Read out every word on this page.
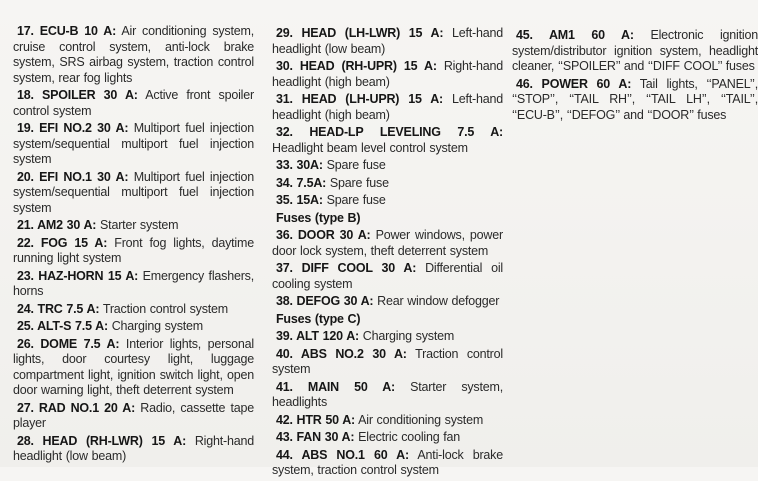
17. ECU-B 10 A: Air conditioning system, cruise control system, anti-lock brake system, SRS airbag system, traction control system, rear fog lights

18. SPOILER 30 A: Active front spoiler control system

19. EFI NO.2 30 A: Multiport fuel injection system/sequential multiport fuel injection system

20. EFI NO.1 30 A: Multiport fuel injection system/sequential multiport fuel injection system

21. AM2 30 A: Starter system

22. FOG 15 A: Front fog lights, daytime running light system

23. HAZ-HORN 15 A: Emergency flashers, horns

24. TRC 7.5 A: Traction control system

25. ALT-S 7.5 A: Charging system

26. DOME 7.5 A: Interior lights, personal lights, door courtesy light, luggage compartment light, ignition switch light, open door warning light, theft deterrent system

27. RAD NO.1 20 A: Radio, cassette tape player

28. HEAD (RH-LWR) 15 A: Right-hand headlight (low beam)

29. HEAD (LH-LWR) 15 A: Left-hand headlight (low beam)

30. HEAD (RH-UPR) 15 A: Right-hand headlight (high beam)

31. HEAD (LH-UPR) 15 A: Left-hand headlight (high beam)

32. HEAD-LP LEVELING 7.5 A: Headlight beam level control system

33. 30A: Spare fuse

34. 7.5A: Spare fuse

35. 15A: Spare fuse

Fuses (type B)

36. DOOR 30 A: Power windows, power door lock system, theft deterrent system

37. DIFF COOL 30 A: Differential oil cooling system

38. DEFOG 30 A: Rear window defogger

Fuses (type C)

39. ALT 120 A: Charging system

40. ABS NO.2 30 A: Traction control system

41. MAIN 50 A: Starter system, headlights

42. HTR 50 A: Air conditioning system

43. FAN 30 A: Electric cooling fan

44. ABS NO.1 60 A: Anti-lock brake system, traction control system

45. AM1 60 A: Electronic ignition system/distributor ignition system, headlight cleaner, ‘‘SPOILER’’ and ‘‘DIFF COOL’’ fuses

46. POWER 60 A: Tail lights, ‘‘PANEL’’, ‘‘STOP’’, ‘‘TAIL RH’’, ‘‘TAIL LH’’, ‘‘TAIL’’, ‘‘ECU-B’’, ‘‘DEFOG’’ and ‘‘DOOR’’ fuses
